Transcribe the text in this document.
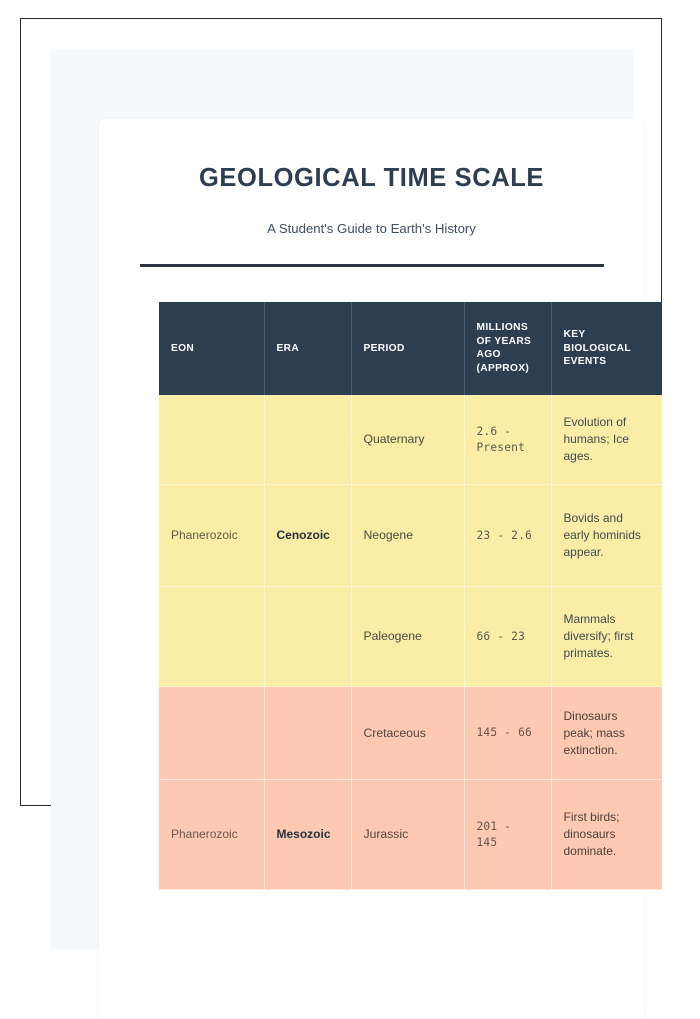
GEOLOGICAL TIME SCALE

A Student's Guide to Earth's History

EON	ERA	PERIOD	MILLIONS OF YEARS AGO (APPROX)	KEY BIOLOGICAL EVENTS
		Quaternary	2.6 - Present	Evolution of humans; Ice ages.
Phanerozoic	Cenozoic	Neogene	23 - 2.6	Bovids and early hominids appear.
		Paleogene	66 - 23	Mammals diversify; first primates.
		Cretaceous	145 - 66	Dinosaurs peak; mass extinction.
Phanerozoic	Mesozoic	Jurassic	201 - 145	First birds; dinosaurs dominate.
